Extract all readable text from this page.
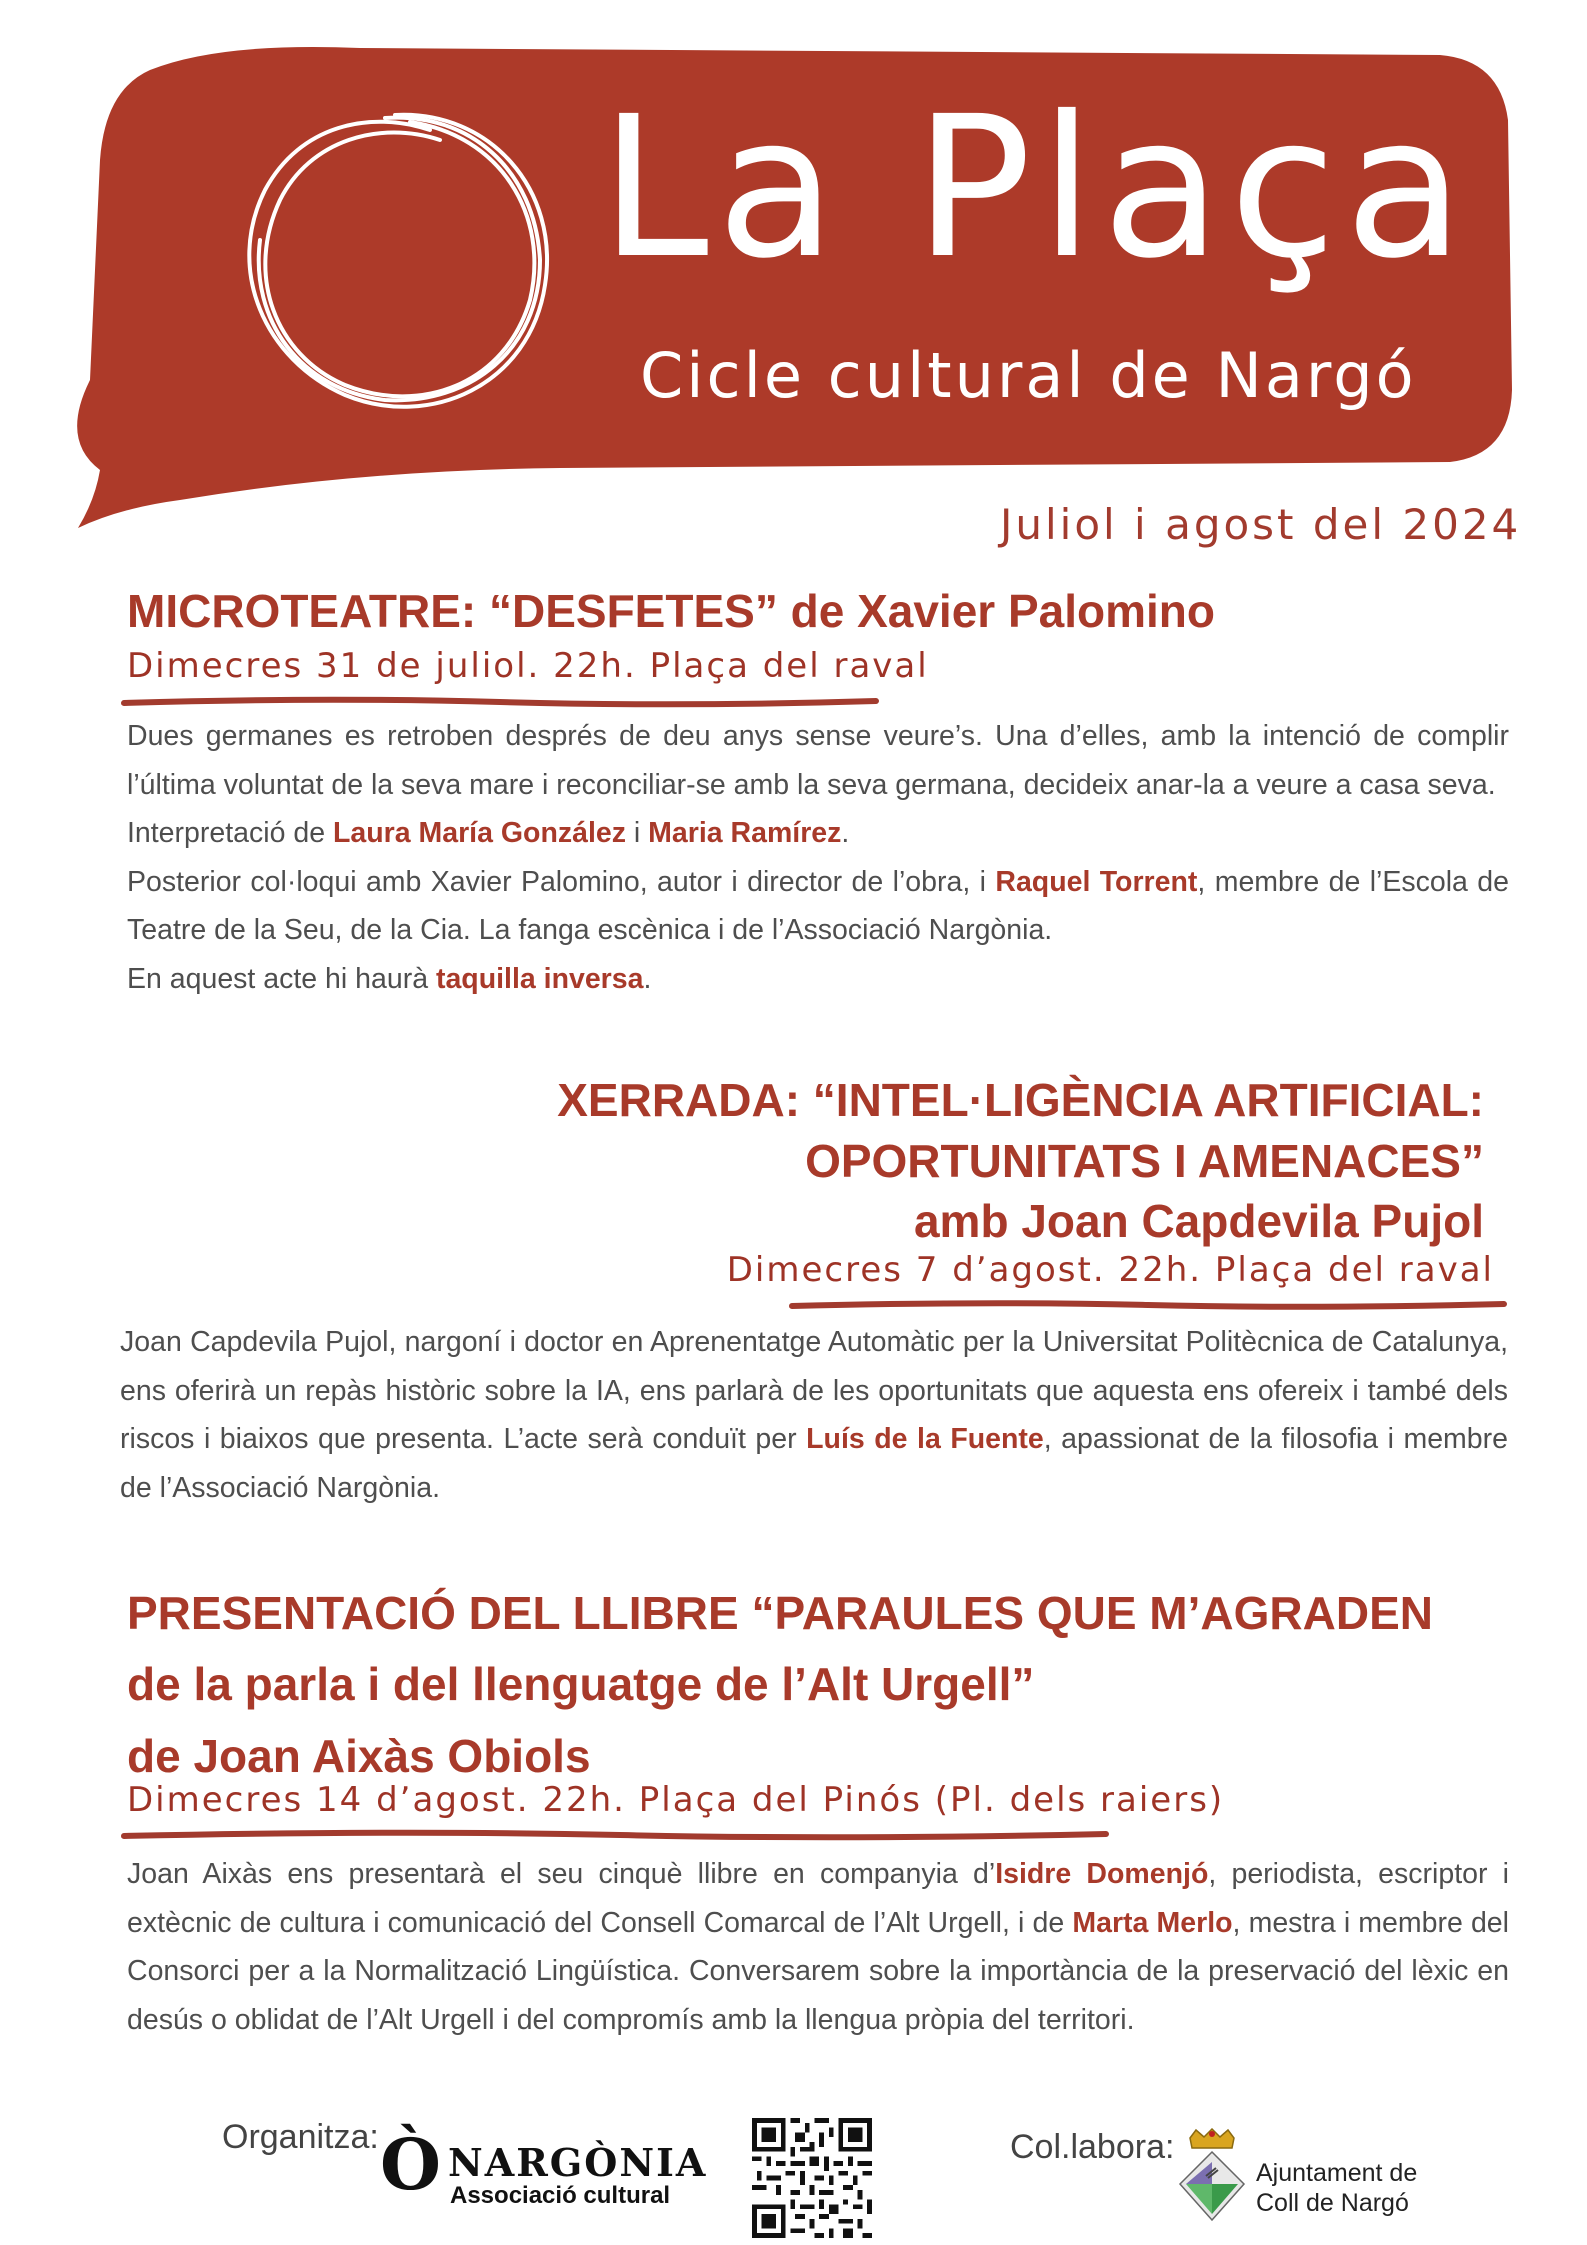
La Plaça
Cicle cultural de Nargó
Juliol i agost del 2024
MICROTEATRE: “DESFETES” de Xavier Palomino
Dimecres 31 de juliol. 22h. Plaça del raval

Dues germanes es retroben després de deu anys sense veure’s. Una d’elles, amb la intenció de complir l’última voluntat de la seva mare i reconciliar-se amb la seva germana, decideix anar-la a veure a casa seva.

Interpretació de Laura María González i Maria Ramírez.

Posterior col·loqui amb Xavier Palomino, autor i director de l’obra, i Raquel Torrent, membre de l’Escola de Teatre de la Seu, de la Cia. La fanga escènica i de l’Associació Nargònia.

En aquest acte hi haurà taquilla inversa.

XERRADA: “INTEL·LIGÈNCIA ARTIFICIAL:
OPORTUNITATS I AMENACES”
amb Joan Capdevila Pujol
Dimecres 7 d’agost. 22h. Plaça del raval

Joan Capdevila Pujol, nargoní i doctor en Aprenentatge Automàtic per la Universitat Politècnica de Catalunya, ens oferirà un repàs històric sobre la IA, ens parlarà de les oportunitats que aquesta ens ofereix i també dels riscos i biaixos que presenta. L’acte serà conduït per Luís de la Fuente, apassionat de la filosofia i membre de l’Associació Nargònia.

PRESENTACIÓ DEL LLIBRE “PARAULES QUE M’AGRADEN
de la parla i del llenguatge de l’Alt Urgell”
de Joan Aixàs Obiols
Dimecres 14 d’agost. 22h. Plaça del Pinós (Pl. dels raiers)

Joan Aixàs ens presentarà el seu cinquè llibre en companyia d’Isidre Domenjó, periodista, escriptor i extècnic de cultura i comunicació del Consell Comarcal de l’Alt Urgell, i de Marta Merlo, mestra i membre del Consorci per a la Normalització Lingüística. Conversarem sobre la importància de la preservació del lèxic en desús o oblidat de l’Alt Urgell i del compromís amb la llengua pròpia del territori.

Organitza: Ò NARGÒNIA
Associació cultural
Col.labora:
Ajuntament de
Coll de Nargó
